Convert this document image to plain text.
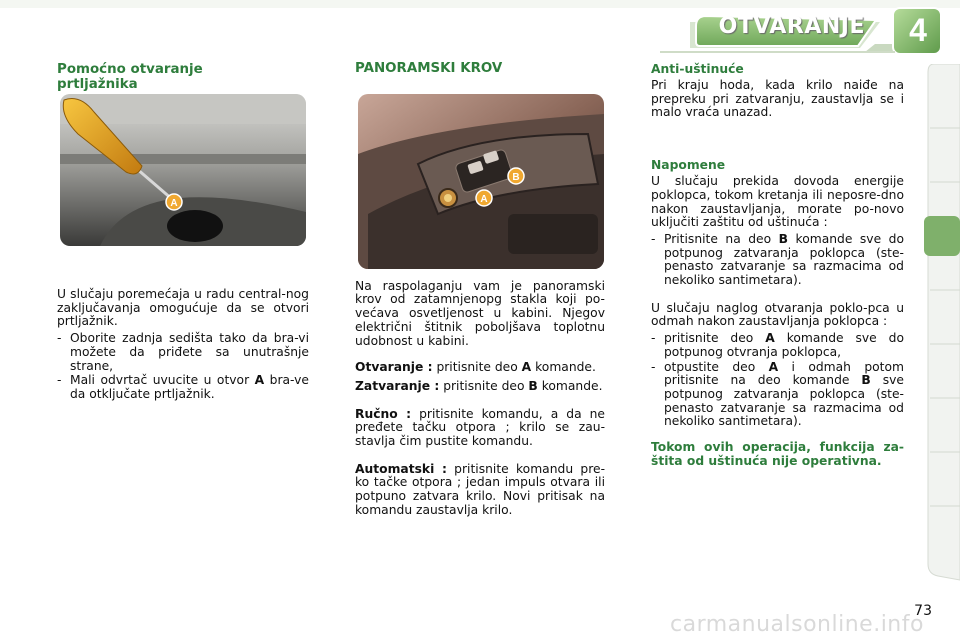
OTVARANJE	4
Pomoćno otvaranje prtljažnika

U slučaju poremećaja u radu central-nog zaključavanja omogućuje da se otvori prtljažnik.

- Oborite zadnja sedišta tako da bra-vi možete da priđete sa unutrašnje strane,
- Mali odvrtač uvucite u otvor A bra-ve da otključate prtljažnik.
A
PANORAMSKI KROV

Na raspolaganju vam je panoramski krov od zatamnjenopg stakla koji po-većava osvetljenost u kabini. Njegov električni štitnik poboljšava toplotnu udobnost u kabini.

Otvaranje : pritisnite deo A komande.

Zatvaranje : pritisnite deo B komande.

Ručno : pritisnite komandu, a da ne pređete tačku otpora ; krilo se zau-stavlja čim pustite komandu.

Automatski : pritisnite komandu pre-ko tačke otpora ; jedan impuls otvara ili potpuno zatvara krilo. Novi pritisak na komandu zaustavlja krilo.

B
A
Anti-uštinuće

Pri kraju hoda, kada krilo naiđe na prepreku pri zatvaranju, zaustavlja se i malo vraća unazad.

Napomene

U slučaju prekida dovoda energije poklopca, tokom kretanja ili neposre-dno nakon zaustavljanja, morate po-novo uključiti zaštitu od uštinuća :

- Pritisnite na deo B komande sve do potpunog zatvaranja poklopca (ste-penasto zatvaranje sa razmacima od nekoliko santimetara).

U slučaju naglog otvaranja poklo-pca u odmah nakon zaustavljanja poklopca :

- pritisnite deo A komande sve do potpunog otvranja poklopca,
- otpustite deo A i odmah potom pritisnite na deo komande B sve potpunog zatvaranja poklopca (ste-penasto zatvaranje sa razmacima od nekoliko santimetara).

Tokom ovih operacija, funkcija za-štita od uštinuća nije operativna.

73
carmanualsonline.info
